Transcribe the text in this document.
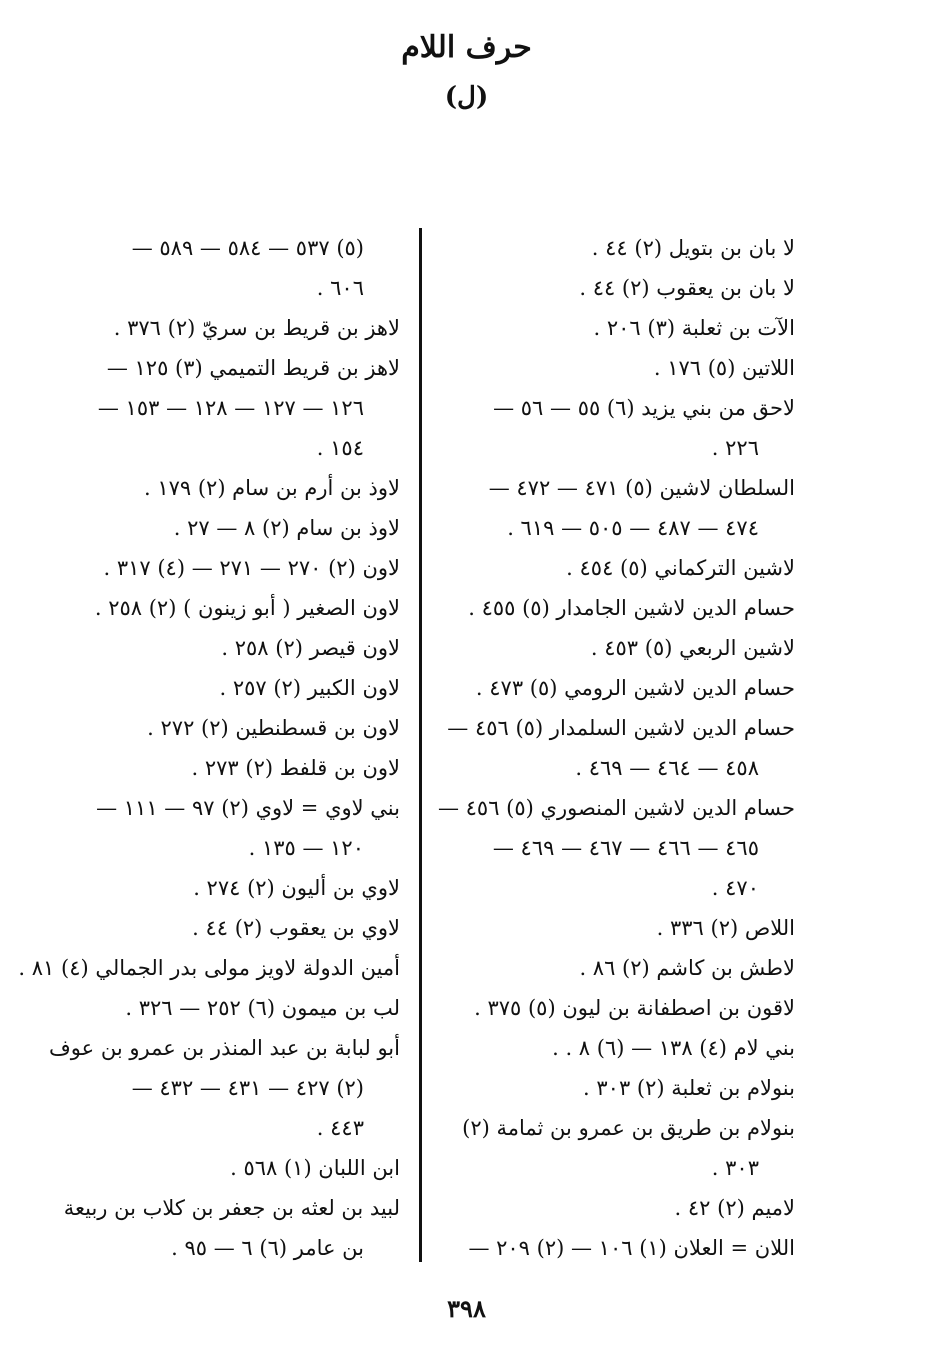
حرف اللام
(ل)
لا بان بن بتويل (٢) ٤٤ .
لا بان بن يعقوب (٢) ٤٤ .
الآت بن ثعلبة (٣) ٢٠٦ .
اللاتين (٥) ١٧٦ .
لاحق من بني يزيد (٦) ٥٥ — ٥٦ —
٢٢٦ .
السلطان لاشين (٥) ٤٧١ — ٤٧٢ —
٤٧٤ — ٤٨٧ — ٥٠٥ — ٦١٩ .
لاشين التركماني (٥) ٤٥٤ .
حسام الدين لاشين الجامدار (٥) ٤٥٥ .
لاشين الربعي (٥) ٤٥٣ .
حسام الدين لاشين الرومي (٥) ٤٧٣ .
حسام الدين لاشين السلمدار (٥) ٤٥٦ —
٤٥٨ — ٤٦٤ — ٤٦٩ .
حسام الدين لاشين المنصوري (٥) ٤٥٦ —
٤٦٥ — ٤٦٦ — ٤٦٧ — ٤٦٩ —
٤٧٠ .
اللاص (٢) ٣٣٦ .
لاطش بن كاشم (٢) ٨٦ .
لاقون بن اصطفانة بن ليون (٥) ٣٧٥ .
بني لام (٤) ١٣٨ — (٦) ٨ . .
بنولام بن ثعلبة (٢) ٣٠٣ .
بنولام بن طريق بن عمرو بن ثمامة (٢)
٣٠٣ .
لاميم (٢) ٤٢ .
اللان = العلان (١) ١٠٦ — (٢) ٢٠٩ —
(٥) ٥٣٧ — ٥٨٤ — ٥٨٩ —
٦٠٦ .
لاهز بن قريط بن سريّ (٢) ٣٧٦ .
لاهز بن قريط التميمي (٣) ١٢٥ —
١٢٦ — ١٢٧ — ١٢٨ — ١٥٣ —
١٥٤ .
لاوذ بن أرم بن سام (٢) ١٧٩ .
لاوذ بن سام (٢) ٨ — ٢٧ .
لاون (٢) ٢٧٠ — ٢٧١ — (٤) ٣١٧ .
لاون الصغير ( أبو زينون ) (٢) ٢٥٨ .
لاون قيصر (٢) ٢٥٨ .
لاون الكبير (٢) ٢٥٧ .
لاون بن قسطنطين (٢) ٢٧٢ .
لاون بن قلفط (٢) ٢٧٣ .
بني لاوي = لاوي (٢) ٩٧ — ١١١ —
١٢٠ — ١٣٥ .
لاوي بن أليون (٢) ٢٧٤ .
لاوي بن يعقوب (٢) ٤٤ .
أمين الدولة لاويز مولى بدر الجمالي (٤) ٨١ .
لب بن ميمون (٦) ٢٥٢ — ٣٢٦ .
أبو لبابة بن عبد المنذر بن عمرو بن عوف
(٢) ٤٢٧ — ٤٣١ — ٤٣٢ —
٤٤٣ .
ابن اللبان (١) ٥٦٨ .
لبيد بن لعثه بن جعفر بن كلاب بن ربيعة
بن عامر (٦) ٦ — ٩٥ .
٣٩٨
